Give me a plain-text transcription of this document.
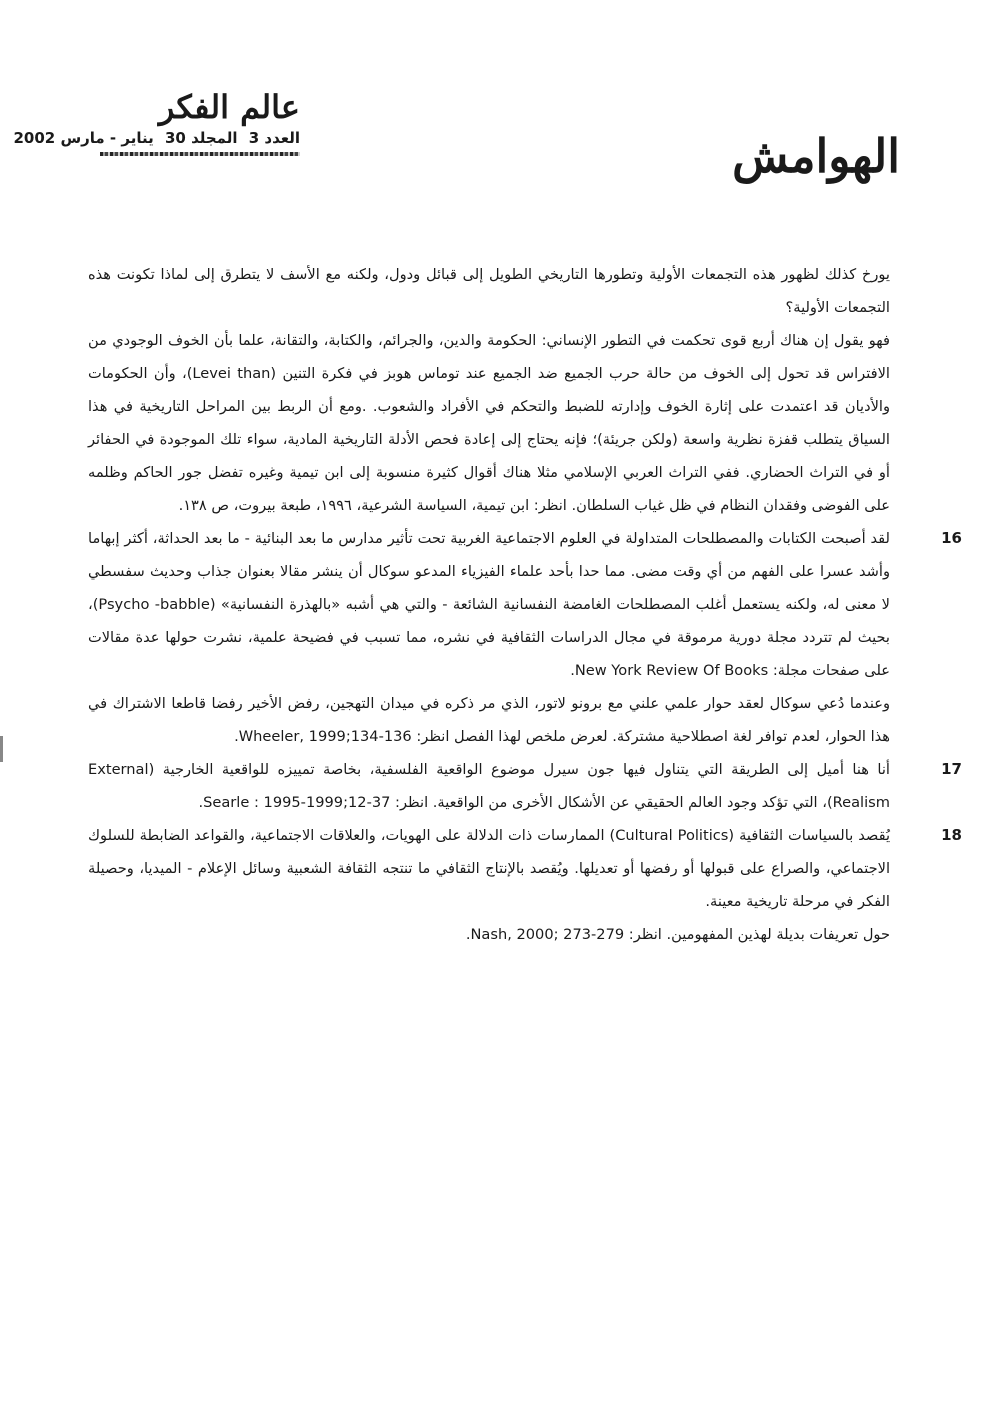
عالم الفكر
العدد 3 المجلد 30 يناير - مارس 2002	الهوامش

يورخ كذلك لظهور هذه التجمعات الأولية وتطورها التاريخي الطويل إلى قبائل ودول، ولكنه مع الأسف لا يتطرق إلى لماذا تكونت هذه التجمعات الأولية؟

فهو يقول إن هناك أربع قوى تحكمت في التطور الإنساني: الحكومة والدين، والجرائم، والكتابة، والتقانة، علما بأن الخوف الوجودي من الافتراس قد تحول إلى الخوف من حالة حرب الجميع ضد الجميع عند توماس هوبز في فكرة التنين (Levei than)، وأن الحكومات والأديان قد اعتمدت على إثارة الخوف وإدارته للضبط والتحكم في الأفراد والشعوب. .ومع أن الربط بين المراحل التاريخية في هذا السياق يتطلب قفزة نظرية واسعة (ولكن جريئة)؛ فإنه يحتاج إلى إعادة فحص الأدلة التاريخية المادية، سواء تلك الموجودة في الحفائر أو في التراث الحضاري. ففي التراث العربي الإسلامي مثلا هناك أقوال كثيرة منسوبة إلى ابن تيمية وغيره تفضل جور الحاكم وظلمه على الفوضى وفقدان النظام في ظل غياب السلطان. انظر: ابن تيمية، السياسة الشرعية، ١٩٩٦، طبعة بيروت، ص ١٣٨.

16

لقد أصبحت الكتابات والمصطلحات المتداولة في العلوم الاجتماعية الغربية تحت تأثير مدارس ما بعد البنائية - ما بعد الحداثة، أكثر إبهاما وأشد عسرا على الفهم من أي وقت مضى. مما حدا بأحد علماء الفيزياء المدعو سوكال أن ينشر مقالا بعنوان جذاب وحديث سفسطي لا معنى له، ولكنه يستعمل أغلب المصطلحات الغامضة النفسانية الشائعة - والتي هي أشبه «بالهذرة النفسانية» (Psycho -babble)، بحيث لم تتردد مجلة دورية مرموقة في مجال الدراسات الثقافية في نشره، مما تسبب في فضيحة علمية، نشرت حولها عدة مقالات على صفحات مجلة: New York Review Of Books.

وعندما دُعي سوكال لعقد حوار علمي علني مع برونو لاتور، الذي مر ذكره في ميدان التهجين، رفض الأخير رفضا قاطعا الاشتراك في هذا الحوار، لعدم توافر لغة اصطلاحية مشتركة. لعرض ملخص لهذا الفصل انظر: Wheeler, 1999;134-136.

17

أنا هنا أميل إلى الطريقة التي يتناول فيها جون سيرل موضوع الواقعية الفلسفية، بخاصة تمييزه للواقعية الخارجية (External Realism)، التي تؤكد وجود العالم الحقيقي عن الأشكال الأخرى من الواقعية. انظر: Searle : 1995-1999;12-37.

18

يُقصد بالسياسات الثقافية (Cultural Politics) الممارسات ذات الدلالة على الهويات، والعلاقات الاجتماعية، والقواعد الضابطة للسلوك الاجتماعي، والصراع على قبولها أو رفضها أو تعديلها. ويُقصد بالإنتاج الثقافي ما تنتجه الثقافة الشعبية وسائل الإعلام - الميديا، وحصيلة الفكر في مرحلة تاريخية معينة.

حول تعريفات بديلة لهذين المفهومين. انظر: Nash, 2000; 273-279.
